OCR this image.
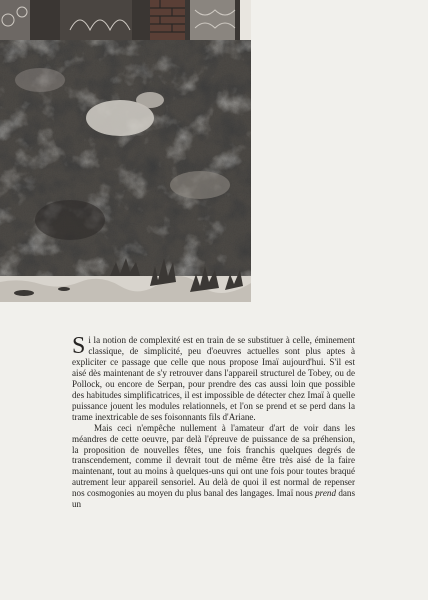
Si la notion de complexité est en train de se substituer à celle, éminement classique, de simplicité, peu d'oeuvres actuelles sont plus aptes à expliciter ce passage que celle que nous propose Imaï aujourd'hui. S'il est aisé dès maintenant de s'y retrouver dans l'appareil structurel de Tobey, ou de Pollock, ou encore de Serpan, pour prendre des cas aussi loin que possible des habitudes simplificatrices, il est impossible de détecter chez Imaï à quelle puissance jouent les modules relationnels, et l'on se prend et se perd dans la trame inextricable de ses foisonnants fils d'Ariane.

Mais ceci n'empêche nullement à l'amateur d'art de voir dans les méandres de cette oeuvre, par delà l'épreuve de puissance de sa préhension, la proposition de nouvelles fêtes, une fois franchis quelques degrés de transcendement, comme il devrait tout de même être très aisé de la faire maintenant, tout au moins à quelques-uns qui ont une fois pour toutes braqué autrement leur appareil sensoriel. Au delà de quoi il est normal de repenser nos cosmogonies au moyen du plus banal des langages. Imaï nous prend dans un
